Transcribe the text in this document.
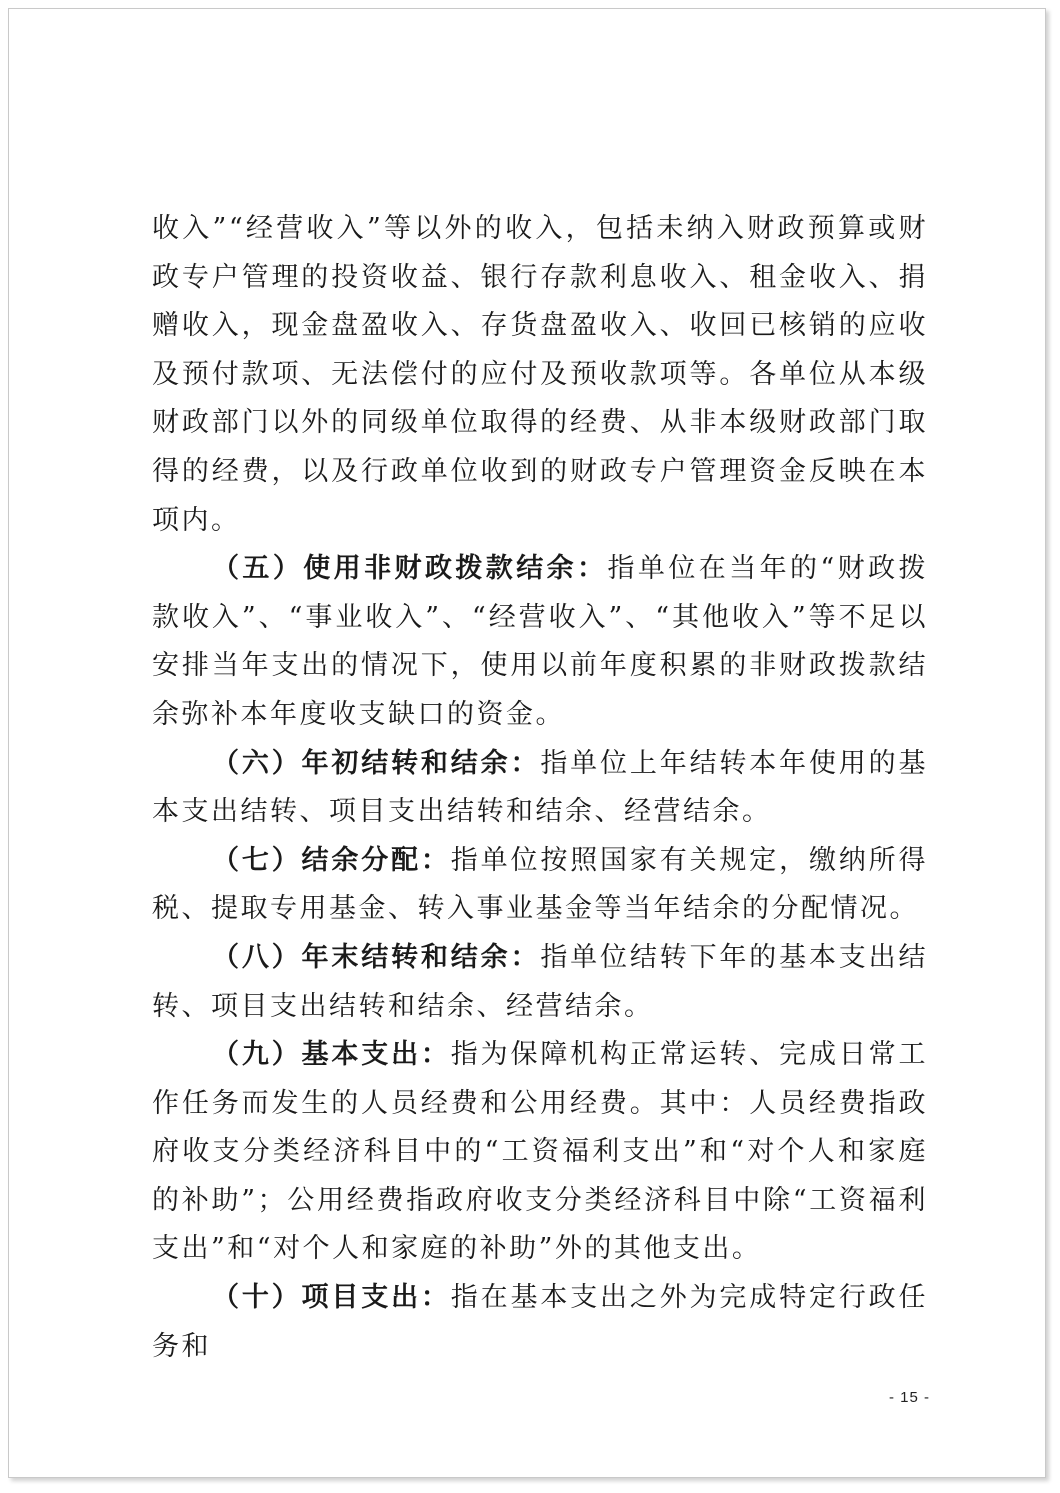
收入”“经营收入”等以外的收入，包括未纳入财政预算或财政专户管理的投资收益、银行存款利息收入、租金收入、捐赠收入，现金盘盈收入、存货盘盈收入、收回已核销的应收及预付款项、无法偿付的应付及预收款项等。各单位从本级财政部门以外的同级单位取得的经费、从非本级财政部门取得的经费，以及行政单位收到的财政专户管理资金反映在本项内。

（五）使用非财政拨款结余：指单位在当年的“财政拨款收入”、“事业收入”、“经营收入”、“其他收入”等不足以安排当年支出的情况下，使用以前年度积累的非财政拨款结余弥补本年度收支缺口的资金。

（六）年初结转和结余：指单位上年结转本年使用的基本支出结转、项目支出结转和结余、经营结余。

（七）结余分配：指单位按照国家有关规定，缴纳所得税、提取专用基金、转入事业基金等当年结余的分配情况。

（八）年末结转和结余：指单位结转下年的基本支出结转、项目支出结转和结余、经营结余。

（九）基本支出：指为保障机构正常运转、完成日常工作任务而发生的人员经费和公用经费。其中：人员经费指政府收支分类经济科目中的“工资福利支出”和“对个人和家庭的补助”；公用经费指政府收支分类经济科目中除“工资福利支出”和“对个人和家庭的补助”外的其他支出。

（十）项目支出：指在基本支出之外为完成特定行政任务和

- 15 -
